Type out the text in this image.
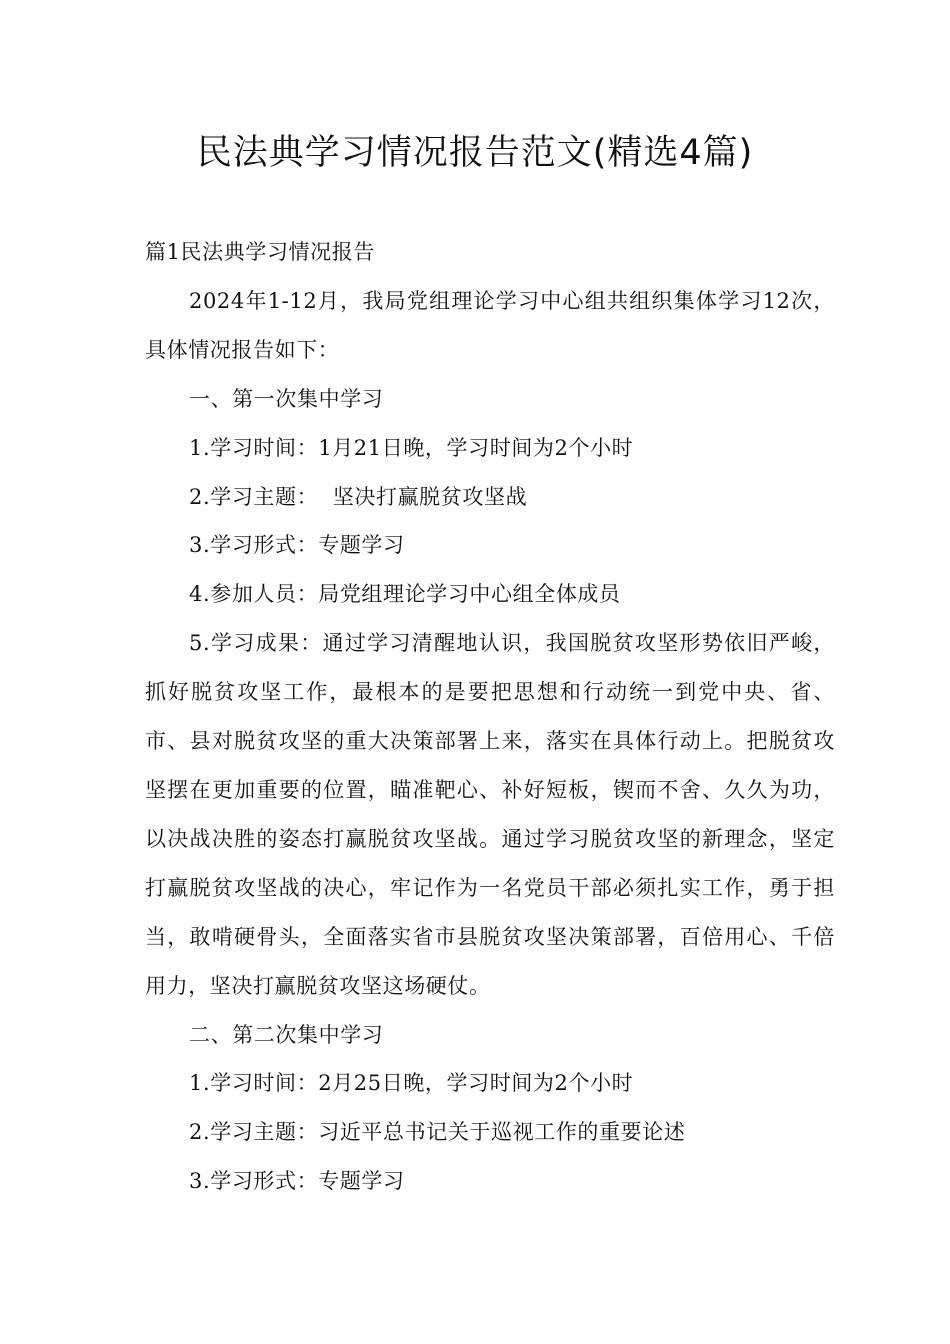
民法典学习情况报告范文(精选4篇)

篇1民法典学习情况报告

2024年1-12月，我局党组理论学习中心组共组织集体学习12次，具体情况报告如下：

一、第一次集中学习

1.学习时间：1月21日晚，学习时间为2个小时

2.学习主题：  坚决打赢脱贫攻坚战

3.学习形式：专题学习

4.参加人员：局党组理论学习中心组全体成员

5.学习成果：通过学习清醒地认识，我国脱贫攻坚形势依旧严峻，抓好脱贫攻坚工作，最根本的是要把思想和行动统一到党中央、省、市、县对脱贫攻坚的重大决策部署上来，落实在具体行动上。把脱贫攻坚摆在更加重要的位置，瞄准靶心、补好短板，锲而不舍、久久为功，以决战决胜的姿态打赢脱贫攻坚战。通过学习脱贫攻坚的新理念，坚定打赢脱贫攻坚战的决心，牢记作为一名党员干部必须扎实工作，勇于担当，敢啃硬骨头，全面落实省市县脱贫攻坚决策部署，百倍用心、千倍用力，坚决打赢脱贫攻坚这场硬仗。

二、第二次集中学习

1.学习时间：2月25日晚，学习时间为2个小时

2.学习主题：习近平总书记关于巡视工作的重要论述

3.学习形式：专题学习
